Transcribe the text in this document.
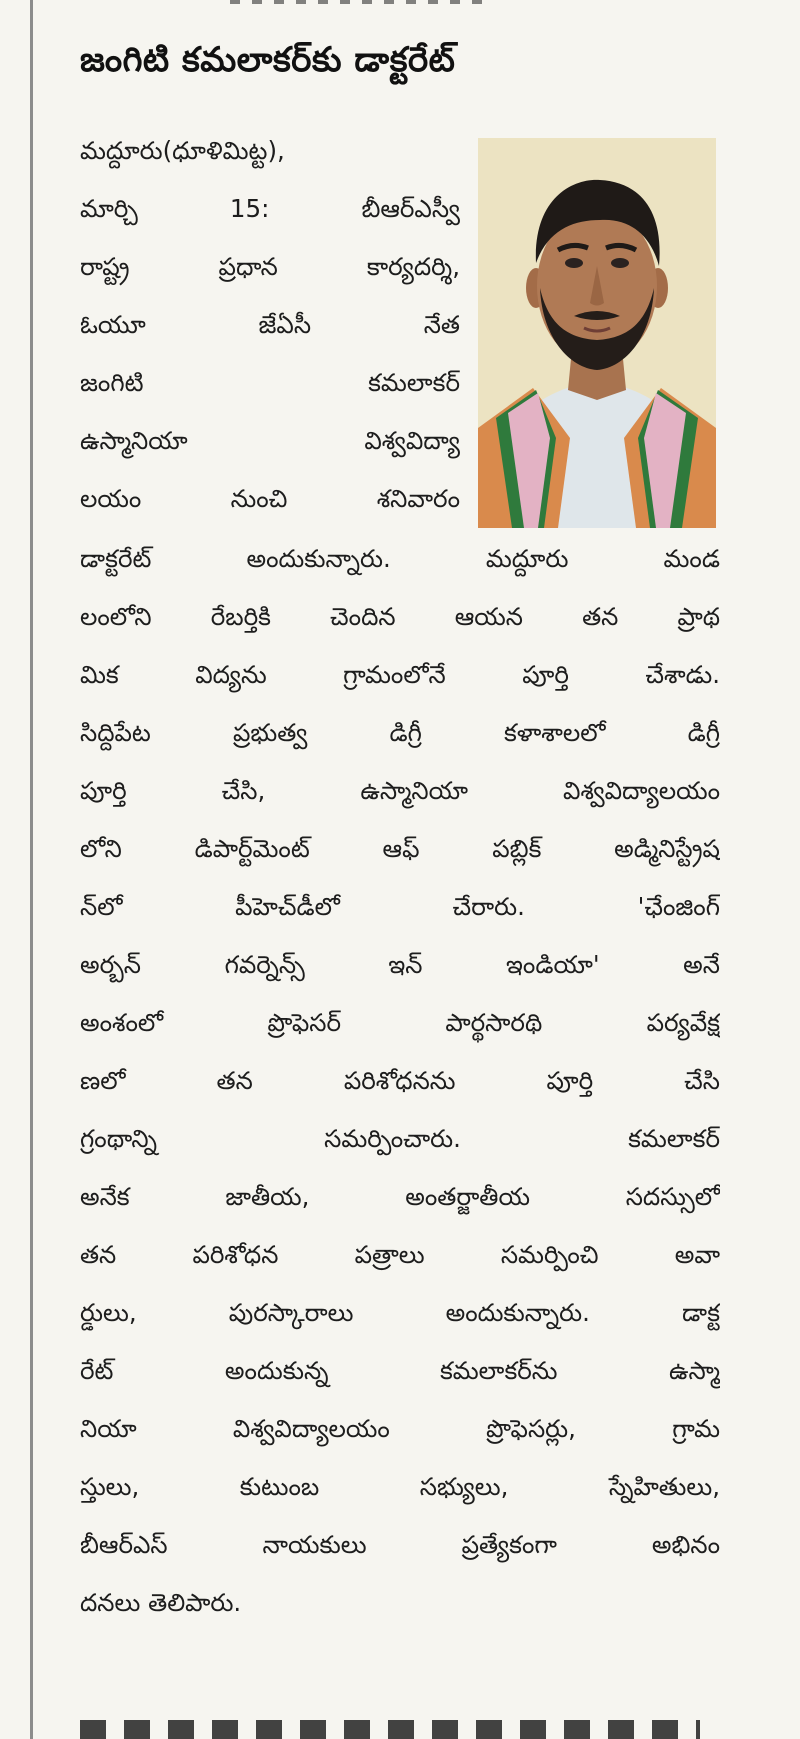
జంగిటి కమలాకర్‌కు డాక్టరేట్
మద్దూరు(ధూళిమిట్ట),
మార్చి 15: బీఆర్‌ఎస్వీ
రాష్ట్ర ప్రధాన కార్యదర్శి,
ఓయూ జేఏసీ నేత
జంగిటి కమలాకర్
ఉస్మానియా విశ్వవిద్యా
లయం నుంచి శనివారం
డాక్టరేట్ అందుకున్నారు. మద్దూరు మండ
లంలోని రేబర్తికి చెందిన ఆయన తన ప్రాథ
మిక విద్యను గ్రామంలోనే పూర్తి చేశాడు.
సిద్దిపేట ప్రభుత్వ డిగ్రీ కళాశాలలో డిగ్రీ
పూర్తి చేసి, ఉస్మానియా విశ్వవిద్యాలయం
లోని డిపార్ట్‌మెంట్ ఆఫ్ పబ్లిక్ అడ్మినిస్ట్రేష
న్‌లో పీహెచ్‌డీలో చేరారు. 'ఛేంజింగ్
అర్బన్ గవర్నెన్స్ ఇన్ ఇండియా' అనే
అంశంలో ప్రొఫెసర్ పార్థసారథి పర్యవేక్ష
ణలో తన పరిశోధనను పూర్తి చేసి
గ్రంథాన్ని సమర్పించారు. కమలాకర్
అనేక జాతీయ, అంతర్జాతీయ సదస్సులో
తన పరిశోధన పత్రాలు సమర్పించి అవా
ర్డులు, పురస్కారాలు అందుకున్నారు. డాక్ట
రేట్ అందుకున్న కమలాకర్‌ను ఉస్మా
నియా విశ్వవిద్యాలయం ప్రొఫెసర్లు, గ్రామ
స్తులు, కుటుంబ సభ్యులు, స్నేహితులు,
బీఆర్‌ఎస్ నాయకులు ప్రత్యేకంగా అభినం
దనలు తెలిపారు.
